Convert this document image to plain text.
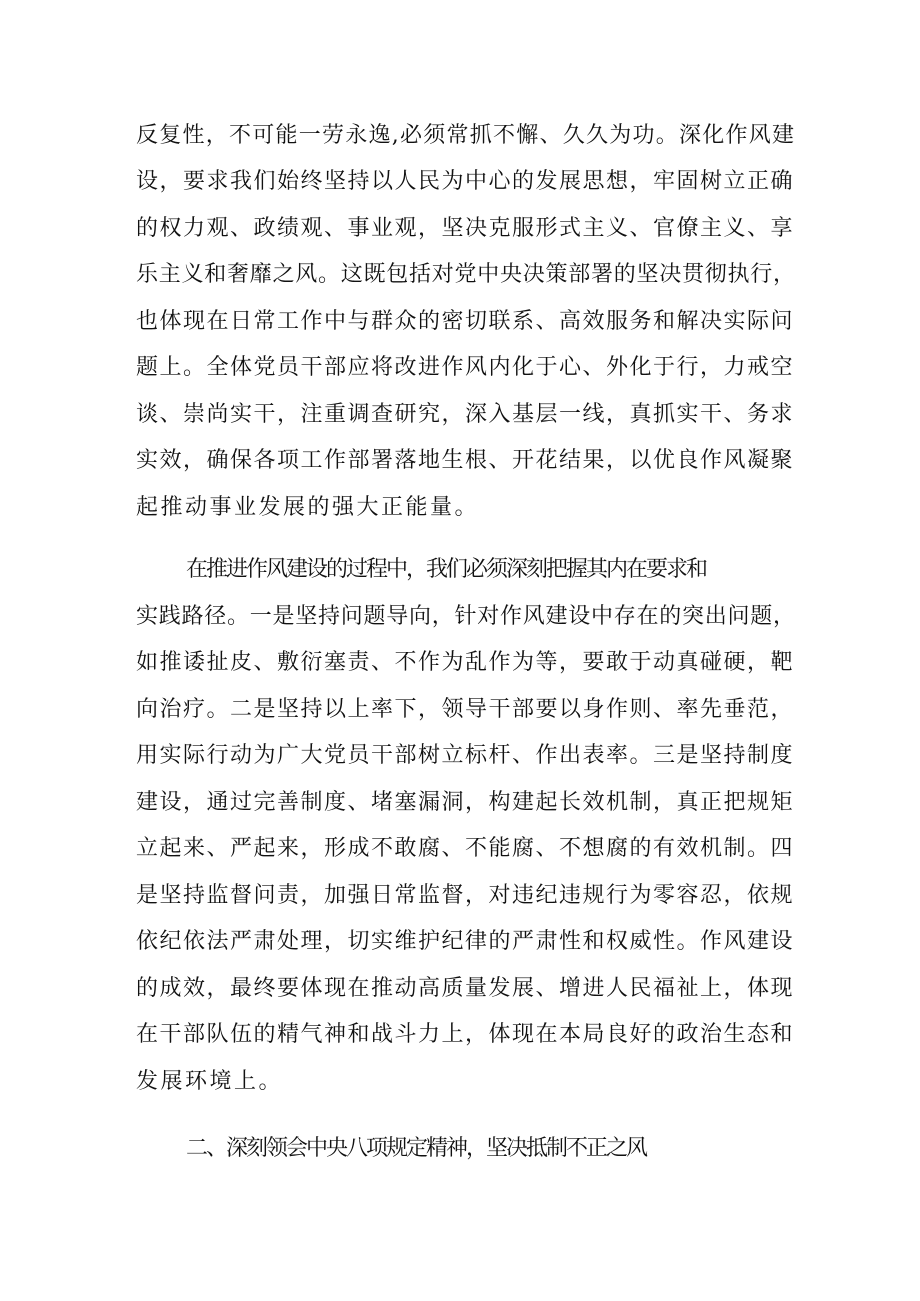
反复性，不可能一劳永逸,必须常抓不懈、久久为功。深化作风建
设，要求我们始终坚持以人民为中心的发展思想，牢固树立正确
的权力观、政绩观、事业观，坚决克服形式主义、官僚主义、享
乐主义和奢靡之风。这既包括对党中央决策部署的坚决贯彻执行，
也体现在日常工作中与群众的密切联系、高效服务和解决实际问
题上。全体党员干部应将改进作风内化于心、外化于行，力戒空
谈、崇尚实干，注重调查研究，深入基层一线，真抓实干、务求
实效，确保各项工作部署落地生根、开花结果，以优良作风凝聚
起推动事业发展的强大正能量。
在推进作风建设的过程中，我们必须深刻把握其内在要求和
实践路径。一是坚持问题导向，针对作风建设中存在的突出问题，
如推诿扯皮、敷衍塞责、不作为乱作为等，要敢于动真碰硬，靶
向治疗。二是坚持以上率下，领导干部要以身作则、率先垂范，
用实际行动为广大党员干部树立标杆、作出表率。三是坚持制度
建设，通过完善制度、堵塞漏洞，构建起长效机制，真正把规矩
立起来、严起来，形成不敢腐、不能腐、不想腐的有效机制。四
是坚持监督问责，加强日常监督，对违纪违规行为零容忍，依规
依纪依法严肃处理，切实维护纪律的严肃性和权威性。作风建设
的成效，最终要体现在推动高质量发展、增进人民福祉上，体现
在干部队伍的精气神和战斗力上，体现在本局良好的政治生态和
发展环境上。
二、深刻领会中央八项规定精神，坚决抵制不正之风
